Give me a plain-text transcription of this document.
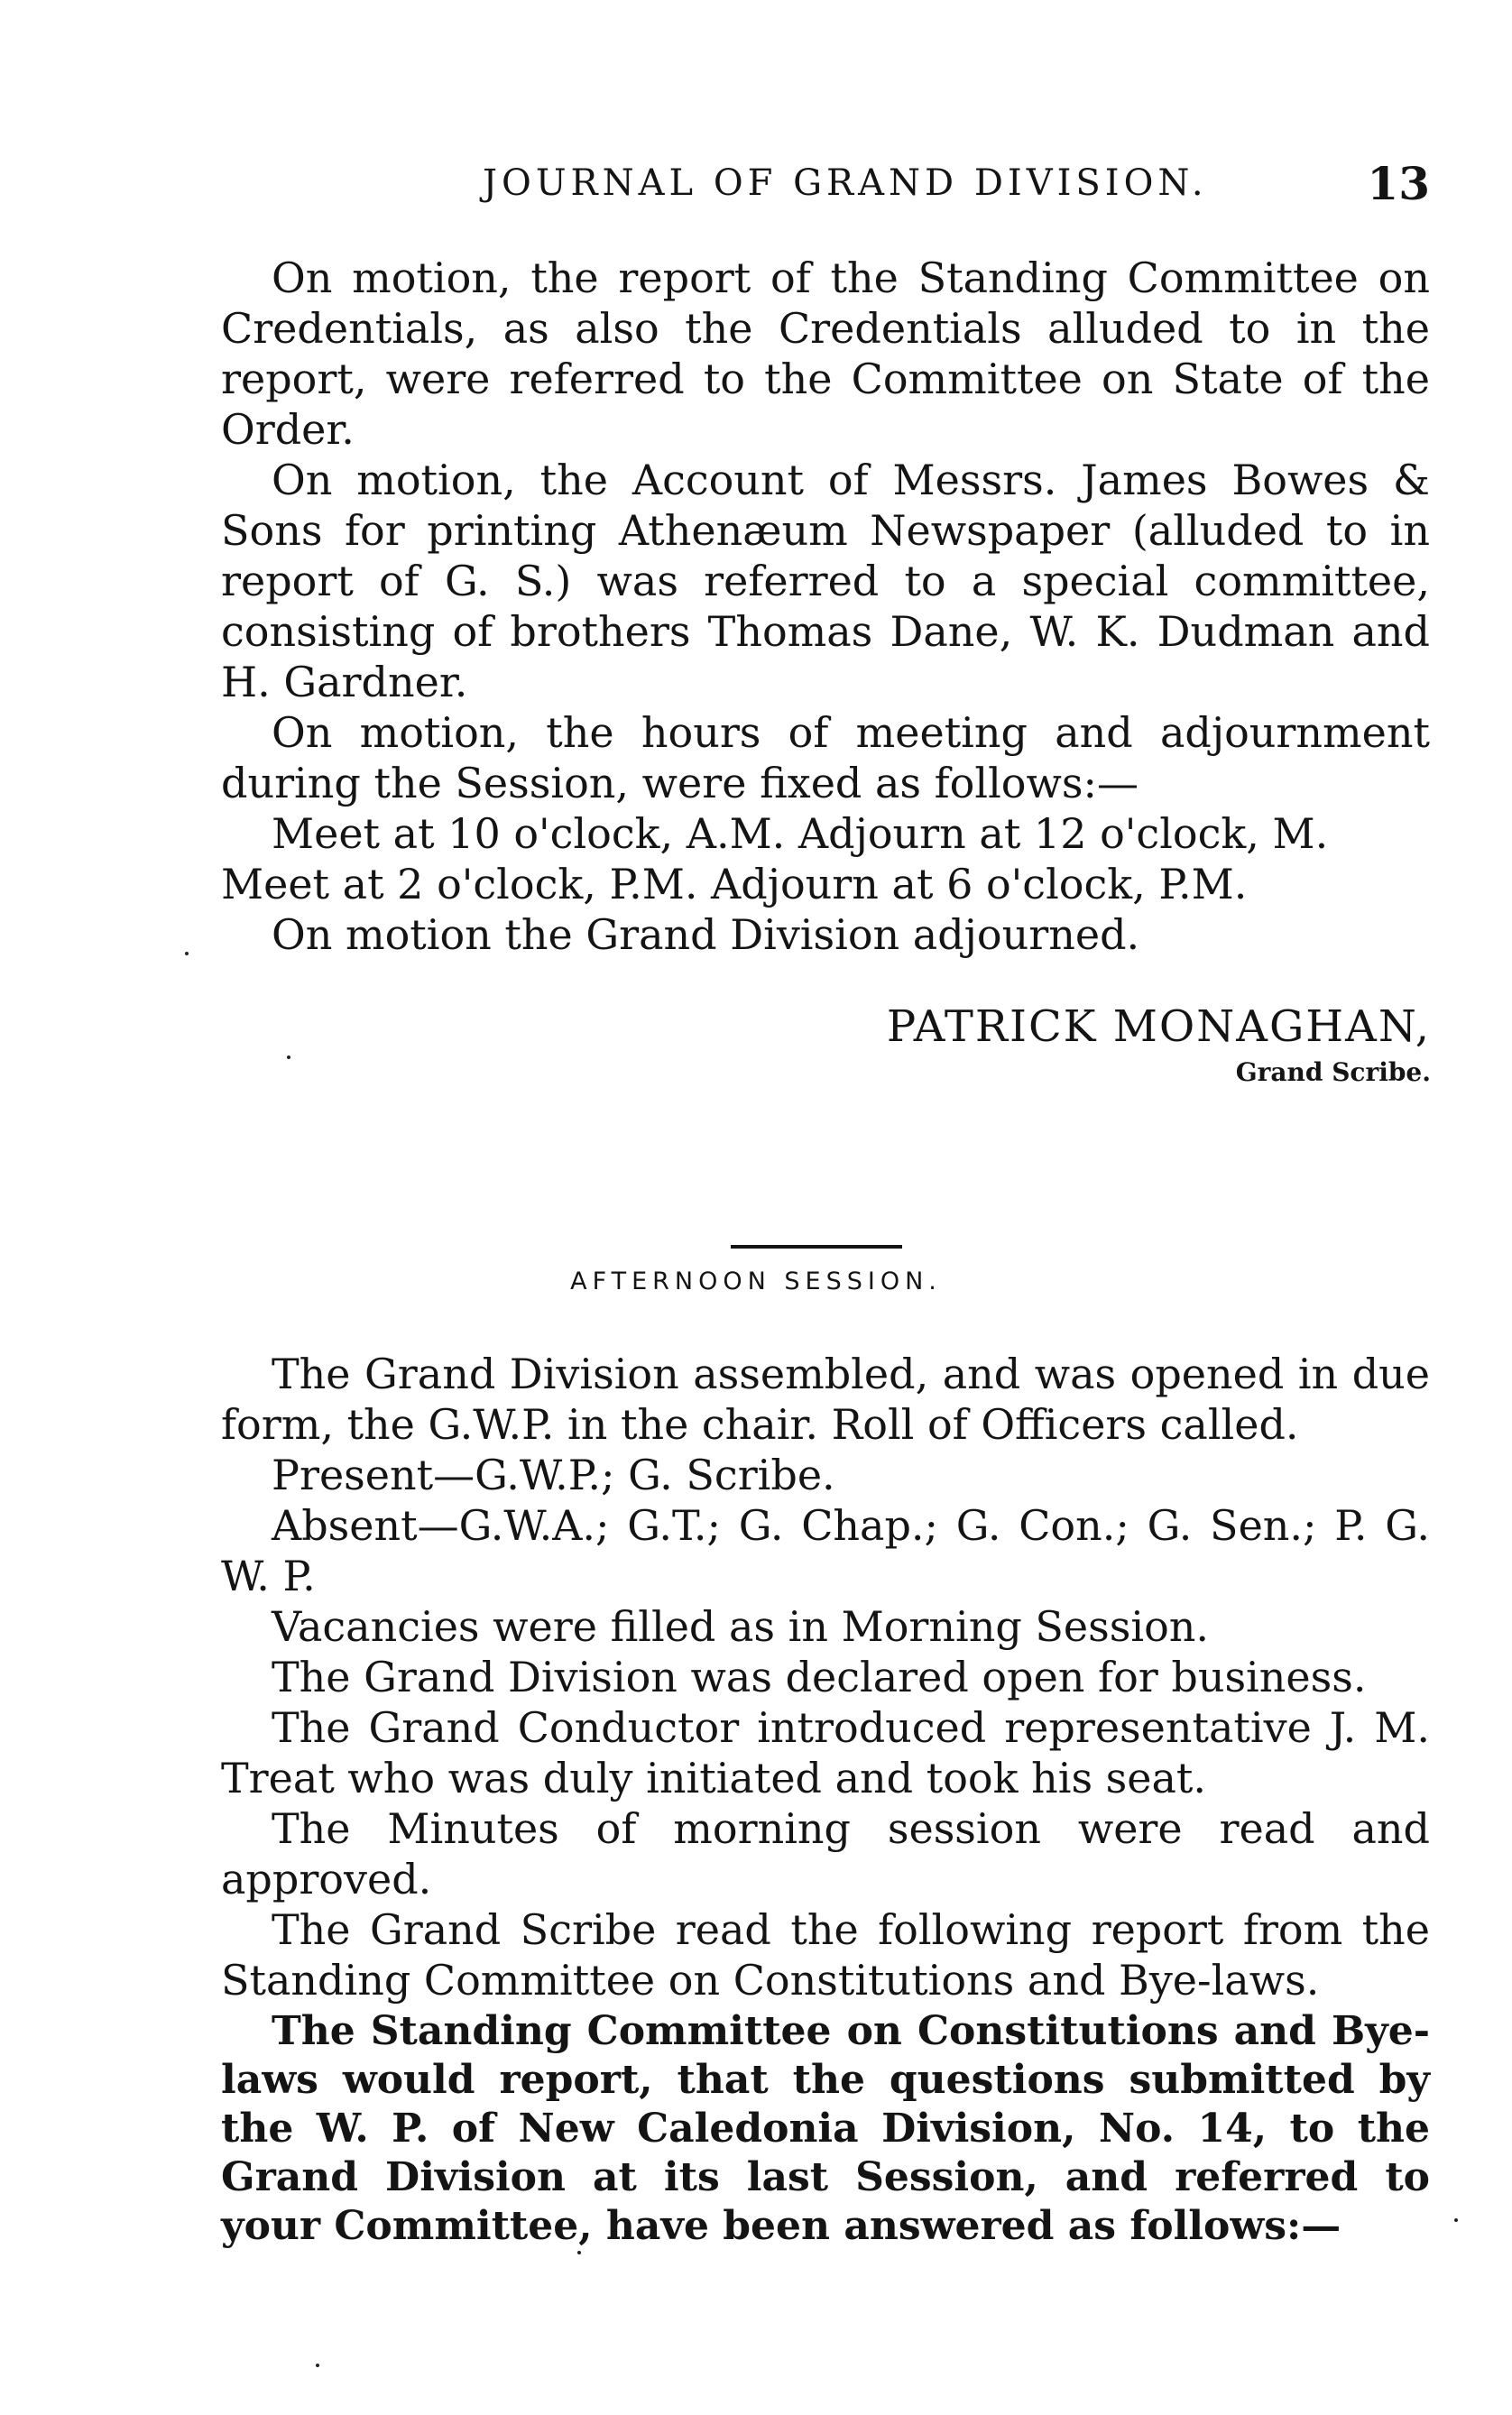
JOURNAL OF GRAND DIVISION.	13

On motion, the report of the Standing Committee on Credentials, as also the Credentials alluded to in the report, were referred to the Committee on State of the Order.

On motion, the Account of Messrs. James Bowes & Sons for printing Athenæum Newspaper (alluded to in report of G. S.) was referred to a special committee, consisting of brothers Thomas Dane, W. K. Dudman and H. Gardner.

On motion, the hours of meeting and adjournment during the Session, were fixed as follows:—

Meet at 10 o'clock, A.M. Adjourn at 12 o'clock, M.

Meet at 2 o'clock, P.M. Adjourn at 6 o'clock, P.M.

On motion the Grand Division adjourned.

PATRICK MONAGHAN,
Grand Scribe.
AFTERNOON SESSION.

The Grand Division assembled, and was opened in due form, the G.W.P. in the chair. Roll of Officers called.

Present—G.W.P.; G. Scribe.

Absent—G.W.A.; G.T.; G. Chap.; G. Con.; G. Sen.; P. G. W. P.

Vacancies were filled as in Morning Session.

The Grand Division was declared open for business.

The Grand Conductor introduced representative J. M. Treat who was duly initiated and took his seat.

The Minutes of morning session were read and approved.

The Grand Scribe read the following report from the Standing Committee on Constitutions and Bye-laws.

The Standing Committee on Constitutions and Bye-laws would report, that the questions submitted by the W. P. of New Caledonia Division, No. 14, to the Grand Division at its last Session, and referred to your Committee, have been answered as follows:—
